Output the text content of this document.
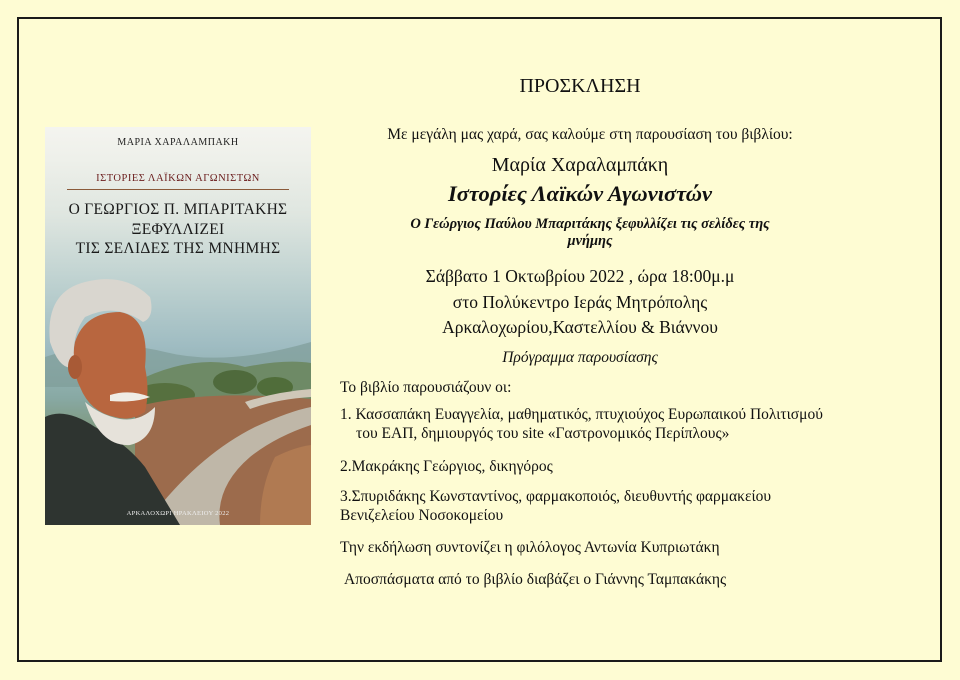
ΜΑΡΙΑ ΧΑΡΑΛΑΜΠΑΚΗ
ΙΣΤΟΡΙΕΣ ΛΑΪΚΩΝ ΑΓΩΝΙΣΤΩΝ
Ο ΓΕΩΡΓΙΟΣ Π. ΜΠΑΡΙΤΑΚΗΣ
ΞΕΦΥΛΛΙΖΕΙ
ΤΙΣ ΣΕΛΙΔΕΣ ΤΗΣ ΜΝΗΜΗΣ
ΑΡΚΑΛΟΧΩΡΙ ΗΡΑΚΛΕΙΟΥ 2022
ΠΡΟΣΚΛΗΣΗ
Με μεγάλη μας χαρά, σας καλούμε στη παρουσίαση του βιβλίου:
Μαρία Χαραλαμπάκη
Ιστορίες Λαϊκών Αγωνιστών
Ο Γεώργιος Παύλου Μπαριτάκης ξεφυλλίζει τις σελίδες της
μνήμης
Σάββατο 1 Οκτωβρίου 2022 , ώρα 18:00μ.μ
στο Πολύκεντρο Ιεράς Μητρόπολης
Αρκαλοχωρίου,Καστελλίου & Βιάννου
Πρόγραμμα παρουσίασης
Το βιβλίο παρουσιάζουν οι:
1. Κασσαπάκη Ευαγγελία, μαθηματικός, πτυχιούχος Ευρωπαικού Πολιτισμού
του ΕΑΠ, δημιουργός του site «Γαστρονομικός Περίπλους»
2.Μακράκης Γεώργιος, δικηγόρος
3.Σπυριδάκης Κωνσταντίνος, φαρμακοποιός, διευθυντής φαρμακείου
Βενιζελείου Νοσοκομείου
Την εκδήλωση συντονίζει η φιλόλογος Αντωνία Κυπριωτάκη
Αποσπάσματα από το βιβλίο διαβάζει ο Γιάννης Ταμπακάκης
